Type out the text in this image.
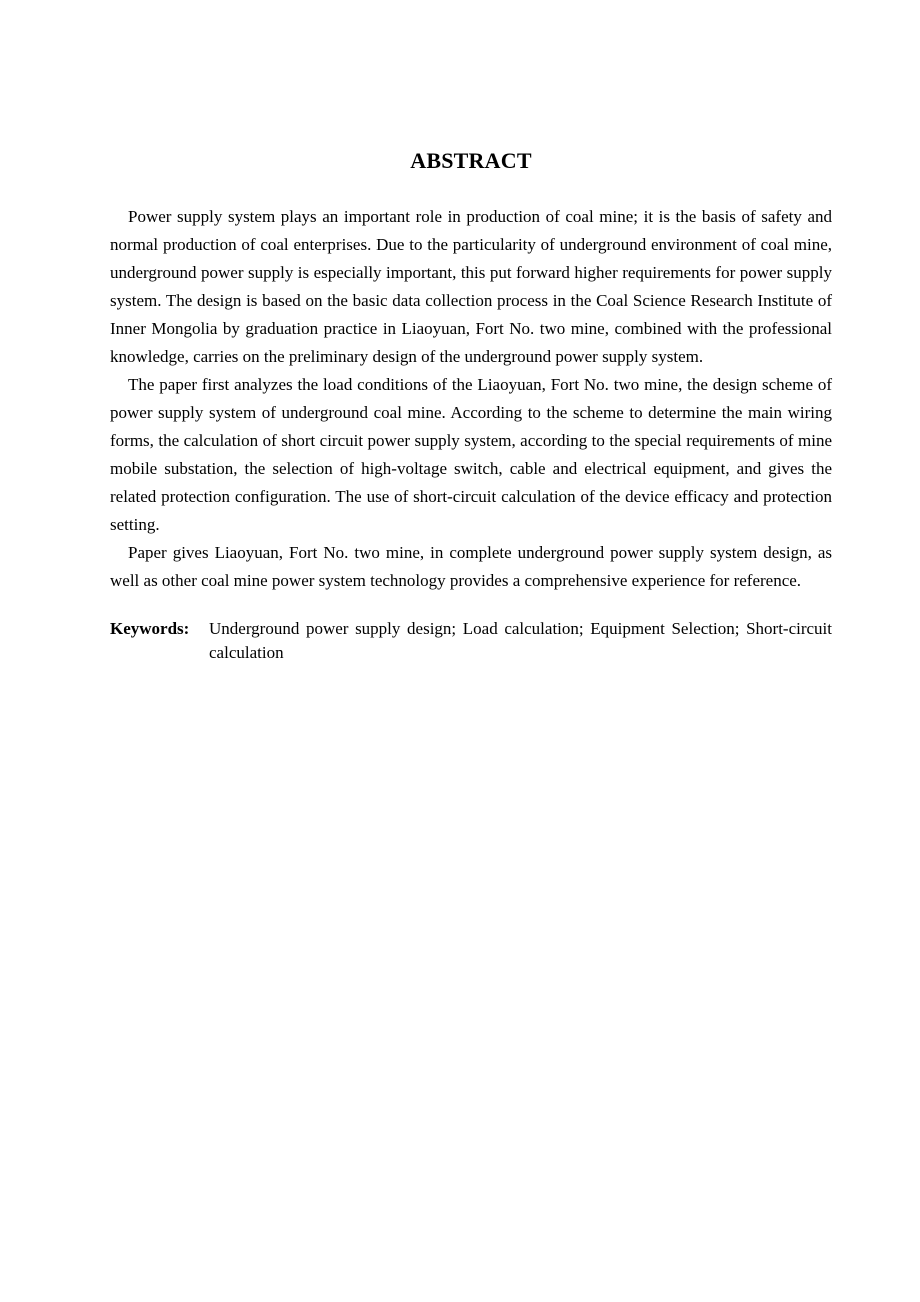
ABSTRACT

Power supply system plays an important role in production of coal mine; it is the basis of safety and normal production of coal enterprises. Due to the particularity of underground environment of coal mine, underground power supply is especially important, this put forward higher requirements for power supply system. The design is based on the basic data collection process in the Coal Science Research Institute of Inner Mongolia by graduation practice in Liaoyuan, Fort No. two mine, combined with the professional knowledge, carries on the preliminary design of the underground power supply system.

The paper first analyzes the load conditions of the Liaoyuan, Fort No. two mine, the design scheme of power supply system of underground coal mine. According to the scheme to determine the main wiring forms, the calculation of short circuit power supply system, according to the special requirements of mine mobile substation, the selection of high-voltage switch, cable and electrical equipment, and gives the related protection configuration. The use of short-circuit calculation of the device efficacy and protection setting.

Paper gives Liaoyuan, Fort No. two mine, in complete underground power supply system design, as well as other coal mine power system technology provides a comprehensive experience for reference.

Keywords:	Underground power supply design; Load calculation; Equipment Selection; Short-circuit calculation
